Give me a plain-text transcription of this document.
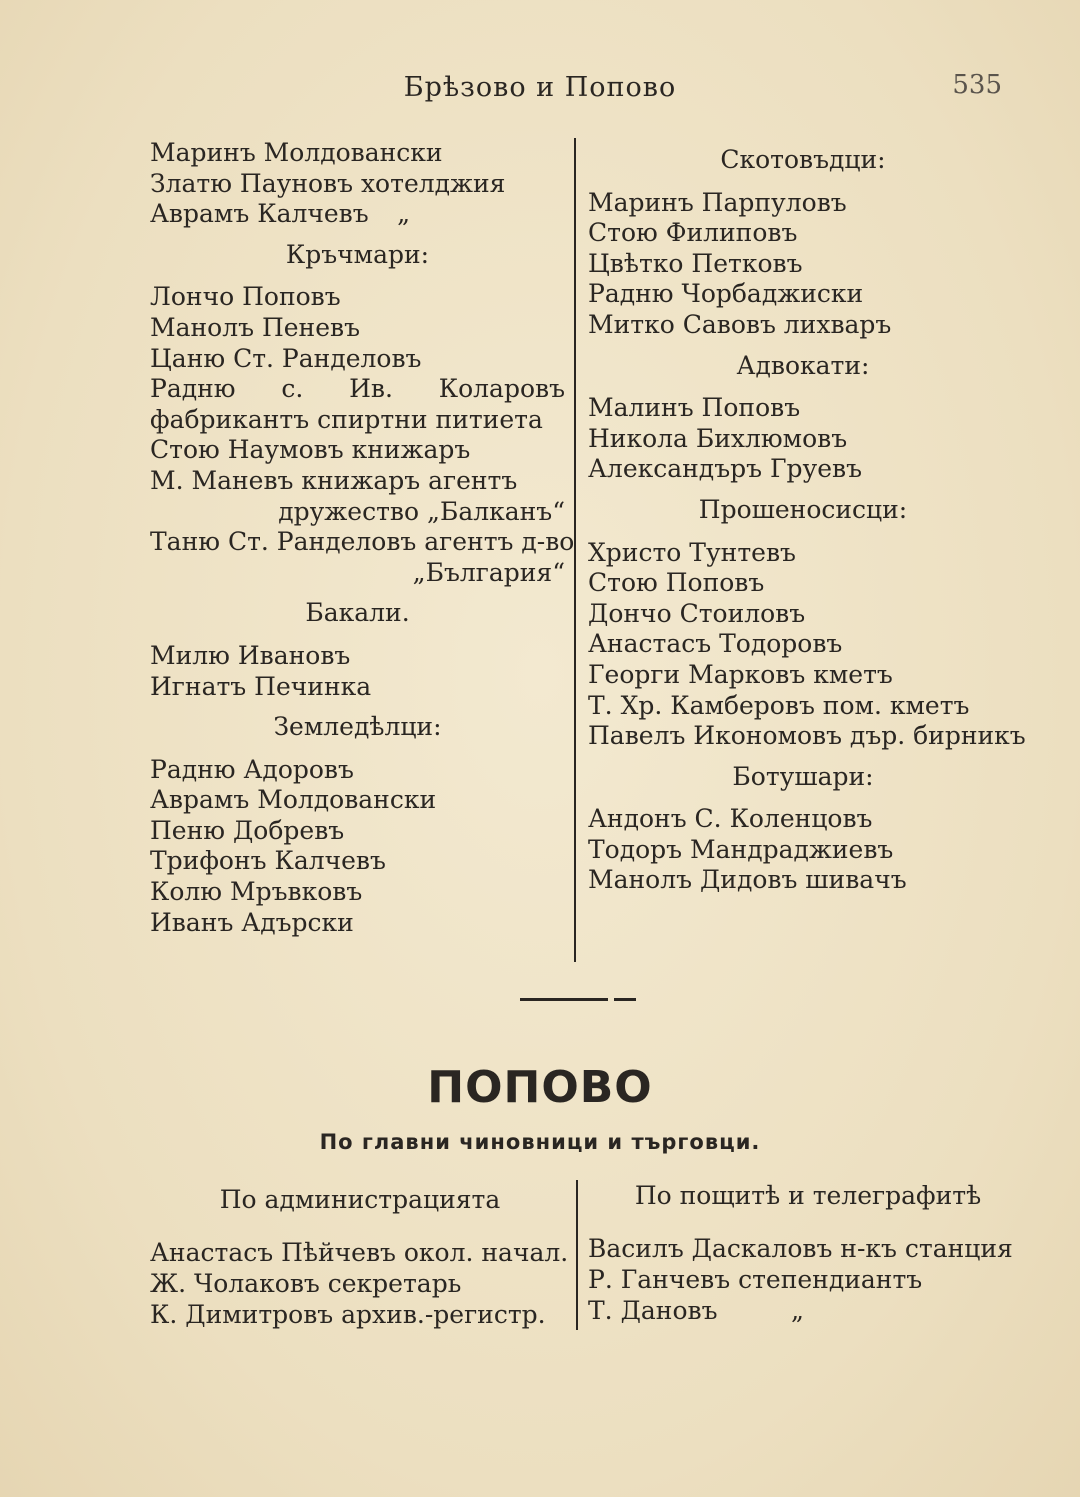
Брѣзово и Попово	535
Маринъ Молдовански
Златю Пауновъ хотелджия
Аврамъ Калчевъ „
Кръчмари:
Лончо Поповъ
Манолъ Пеневъ
Цаню Ст. Ранделовъ
Радню с. Ив. Коларовъ фабрикантъ спиртни питиета
Стою Наумовъ книжаръ
М. Маневъ книжаръ агентъ
дружество „Балканъ“
Таню Ст. Ранделовъ агентъ д-во
„България“
Бакали.
Милю Ивановъ
Игнатъ Печинка
Земледѣлци:
Радню Адоровъ
Аврамъ Молдовански
Пеню Добревъ
Трифонъ Калчевъ
Колю Мръвковъ
Иванъ Адърски
Скотовъдци:
Маринъ Парпуловъ
Стою Филиповъ
Цвѣтко Петковъ
Радню Чорбаджиски
Митко Савовъ лихваръ
Адвокати:
Малинъ Поповъ
Никола Бихлюмовъ
Александъръ Груевъ
Прошеносисци:
Христо Тунтевъ
Стою Поповъ
Дончо Стоиловъ
Анастасъ Тодоровъ
Георги Марковъ кметъ
Т. Хр. Камберовъ пом. кметъ
Павелъ Икономовъ дър. бирникъ
Ботушари:
Андонъ С. Коленцовъ
Тодоръ Мандраджиевъ
Манолъ Дидовъ шивачъ
ПОПОВО
По главни чиновници и търговци.
По администрацията
Анастасъ Пѣйчевъ окол. начал.
Ж. Чолаковъ секретарь
К. Димитровъ архив.-регистр.
По пощитѣ и телеграфитѣ
Василъ Даскаловъ н-къ станция
Р. Ганчевъ степендиантъ
Т. Дановъ	„
